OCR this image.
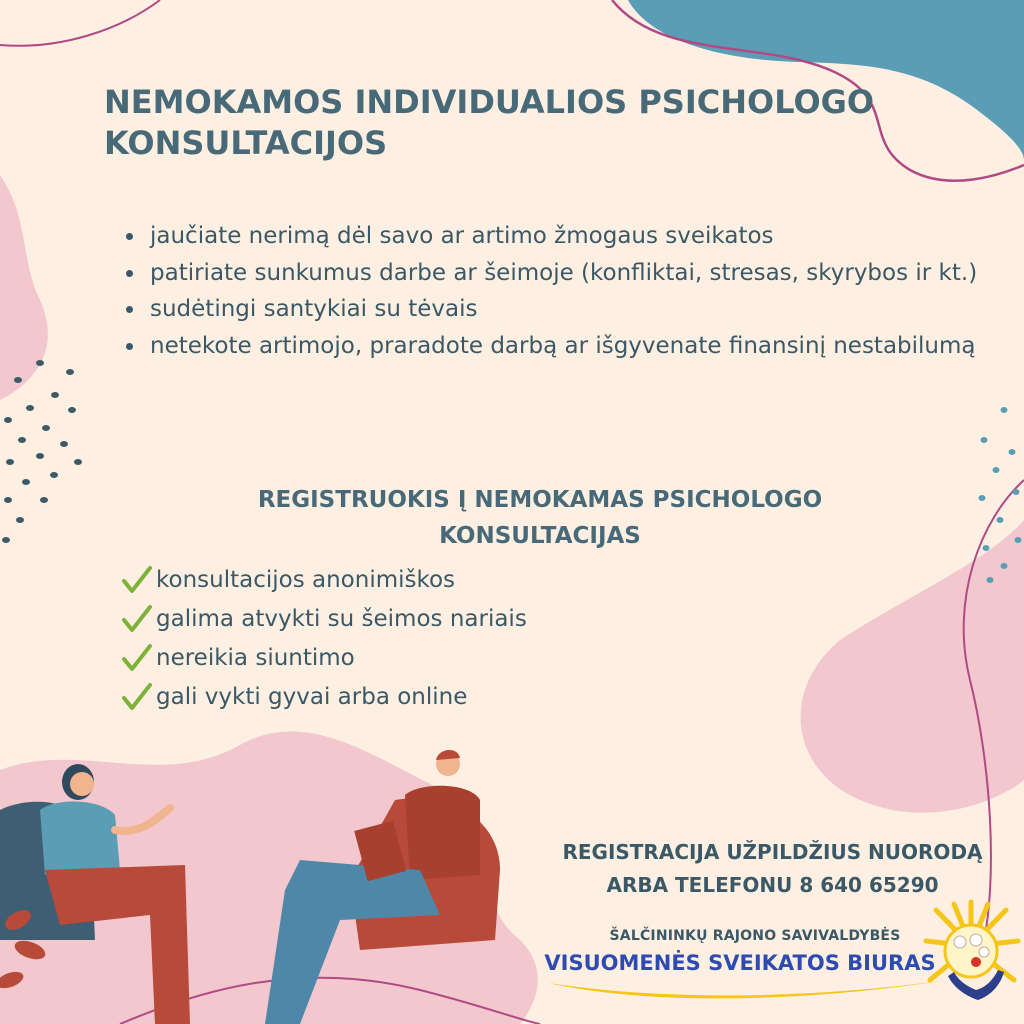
NEMOKAMOS INDIVIDUALIOS PSICHOLOGO
KONSULTACIJOS
jaučiate nerimą dėl savo ar artimo žmogaus sveikatos
patiriate sunkumus darbe ar šeimoje (konfliktai, stresas, skyrybos ir kt.)
sudėtingi santykiai su tėvais
netekote artimojo, praradote darbą ar išgyvenate finansinį nestabilumą
REGISTRUOKIS Į NEMOKAMAS PSICHOLOGO
KONSULTACIJAS
konsultacijos anonimiškos
galima atvykti su šeimos nariais
nereikia siuntimo
gali vykti gyvai arba online
REGISTRACIJA UŽPILDŽIUS NUORODĄ
ARBA TELEFONU 8 640 65290
ŠALČININKŲ RAJONO SAVIVALDYBĖS
VISUOMENĖS SVEIKATOS BIURAS
